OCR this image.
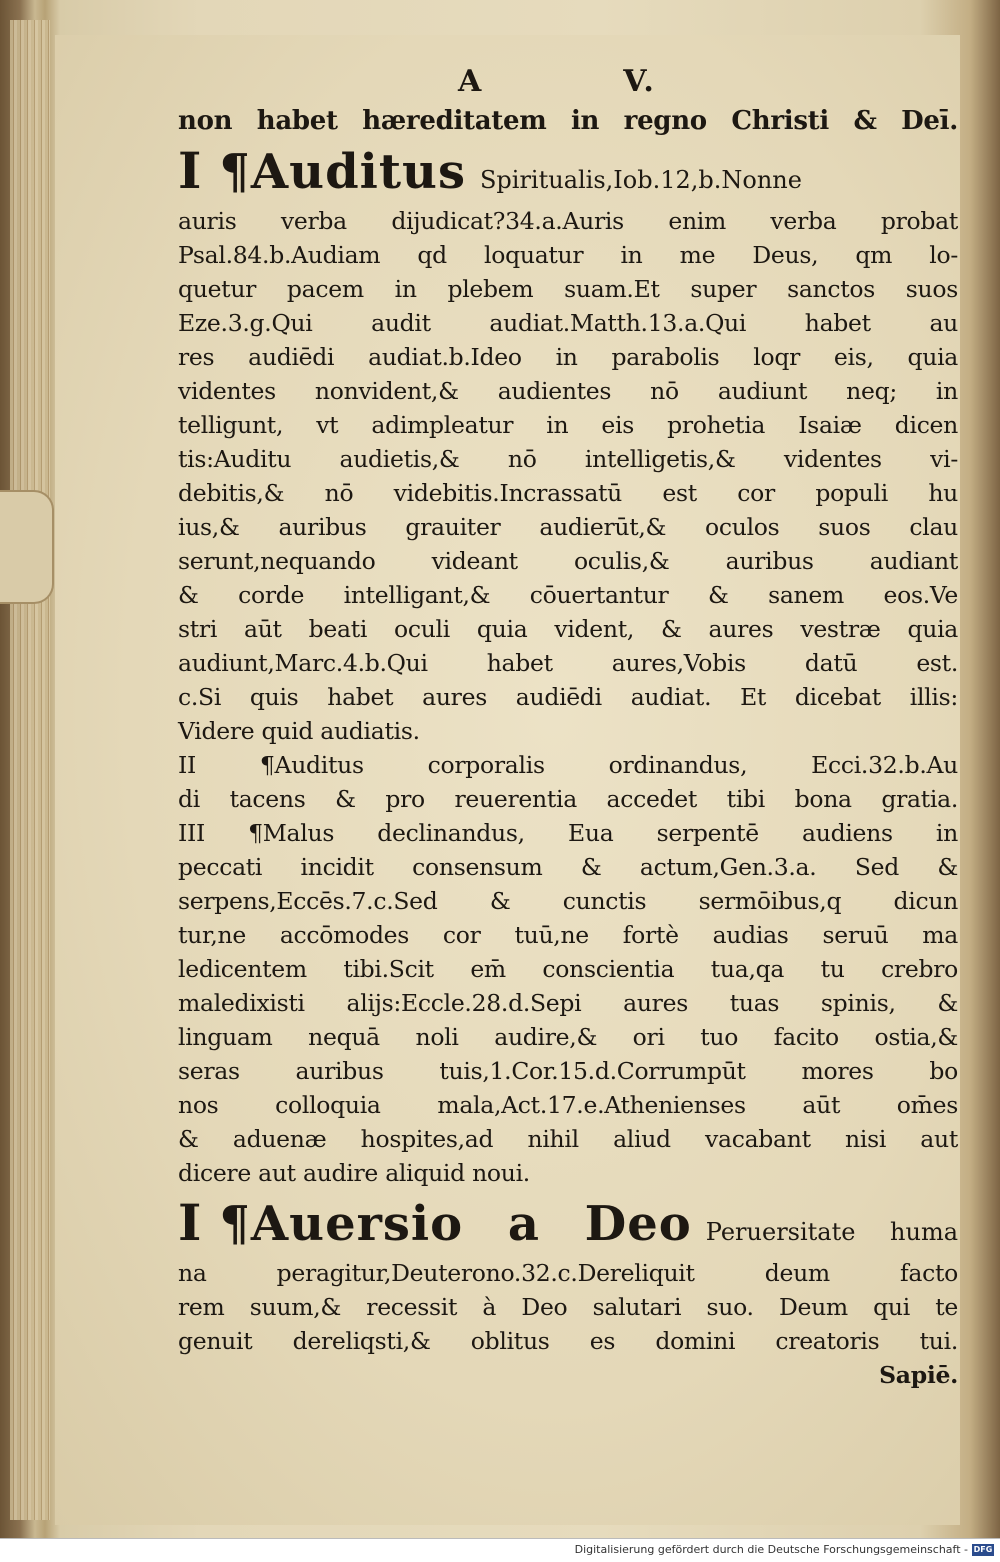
A	V.
non habet hæreditatem in regno Christi & Deī.
I ¶Auditus Spiritualis,Iob.12,b.Nonne
auris verba dijudicat?34.a.Auris enim verba probat
Psal.84.b.Audiam qd loquatur in me Deus, qm lo-
quetur pacem in plebem suam.Et super sanctos suos
Eze.3.g.Qui audit audiat.Matth.13.a.Qui habet au
res audiēdi audiat.b.Ideo in parabolis loqr eis, quia
videntes nonvident,& audientes nō audiunt neq; in
telligunt, vt adimpleatur in eis prohetia Isaiæ dicen
tis:Auditu audietis,& nō intelligetis,& videntes vi-
debitis,& nō videbitis.Incrassatū est cor populi hu
ius,& auribus grauiter audierūt,& oculos suos clau
serunt,nequando videant oculis,& auribus audiant
& corde intelligant,& cōuertantur & sanem eos.Ve
stri aūt beati oculi quia vident, & aures vestræ quia
audiunt,Marc.4.b.Qui habet aures,Vobis datū est.
c.Si quis habet aures audiēdi audiat. Et dicebat illis:
Videre quid audiatis.
II ¶Auditus corporalis ordinandus, Ecci.32.b.Au
di tacens & pro reuerentia accedet tibi bona gratia.
III ¶Malus declinandus, Eua serpentē audiens in
peccati incidit consensum & actum,Gen.3.a. Sed &
serpens,Eccēs.7.c.Sed & cunctis sermōibus,q dicun
tur,ne accōmodes cor tuū,ne fortè audias seruū ma
ledicentem tibi.Scit em̄ conscientia tua,qa tu crebro
maledixisti alijs:Eccle.28.d.Sepi aures tuas spinis, &
linguam nequā noli audire,& ori tuo facito ostia,&
seras auribus tuis,1.Cor.15.d.Corrumpūt mores bo
nos colloquia mala,Act.17.e.Athenienses aūt om̄es
& aduenæ hospites,ad nihil aliud vacabant nisi aut
dicere aut audire aliquid noui.
I ¶Auersio a Deo Peruersitate huma
na peragitur,Deuterono.32.c.Dereliquit deum facto
rem suum,& recessit à Deo salutari suo. Deum qui te
genuit dereliqsti,& oblitus es domini creatoris tui.
Sapiē.
Digitalisierung gefördert durch die Deutsche Forschungsgemeinschaft - DFG
